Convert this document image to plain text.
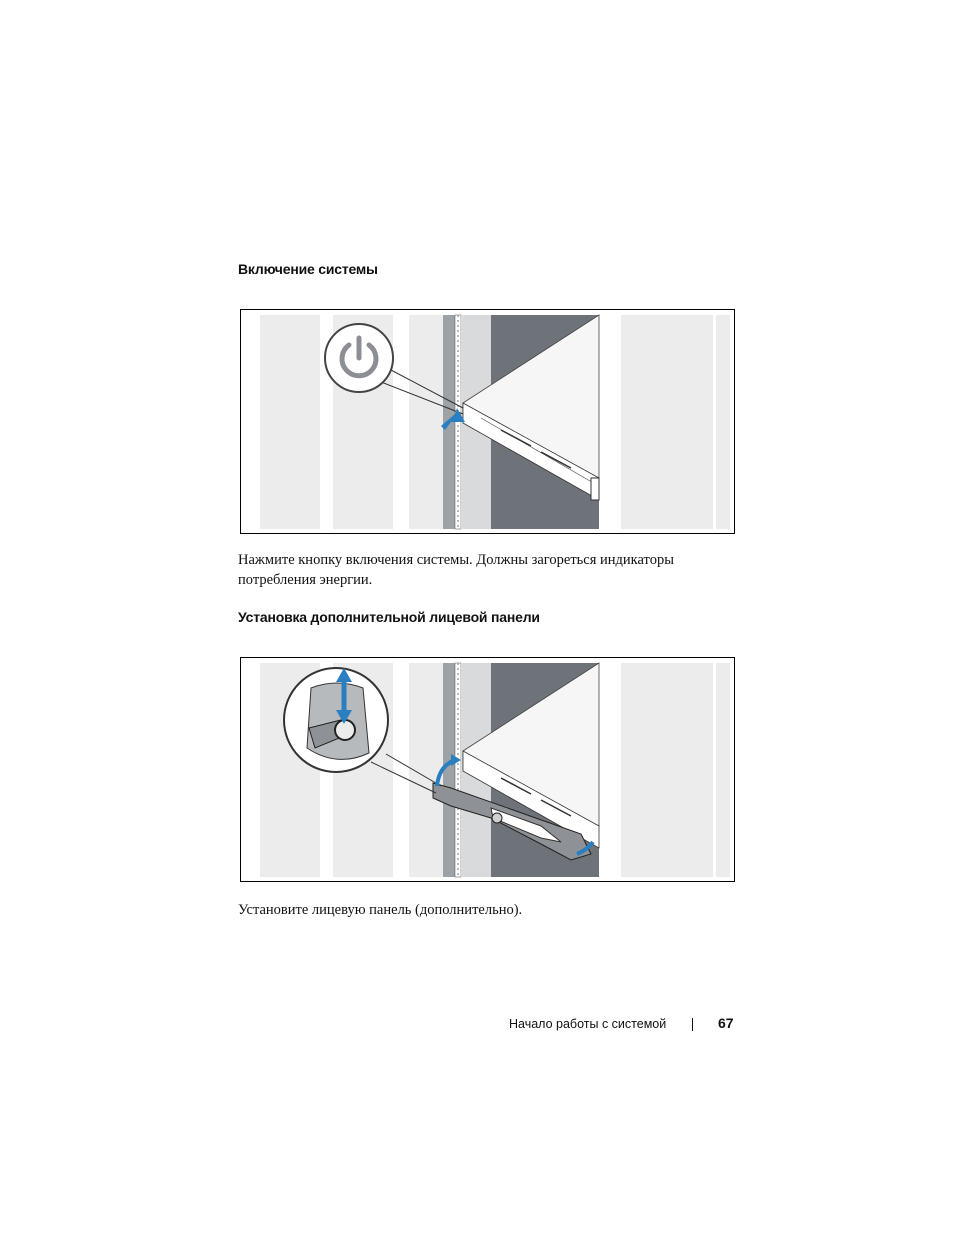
Включение системы

Нажмите кнопку включения системы. Должны загореться индикаторы потребления энергии.

Установка дополнительной лицевой панели

Установите лицевую панель (дополнительно).

Начало работы с системой	67
